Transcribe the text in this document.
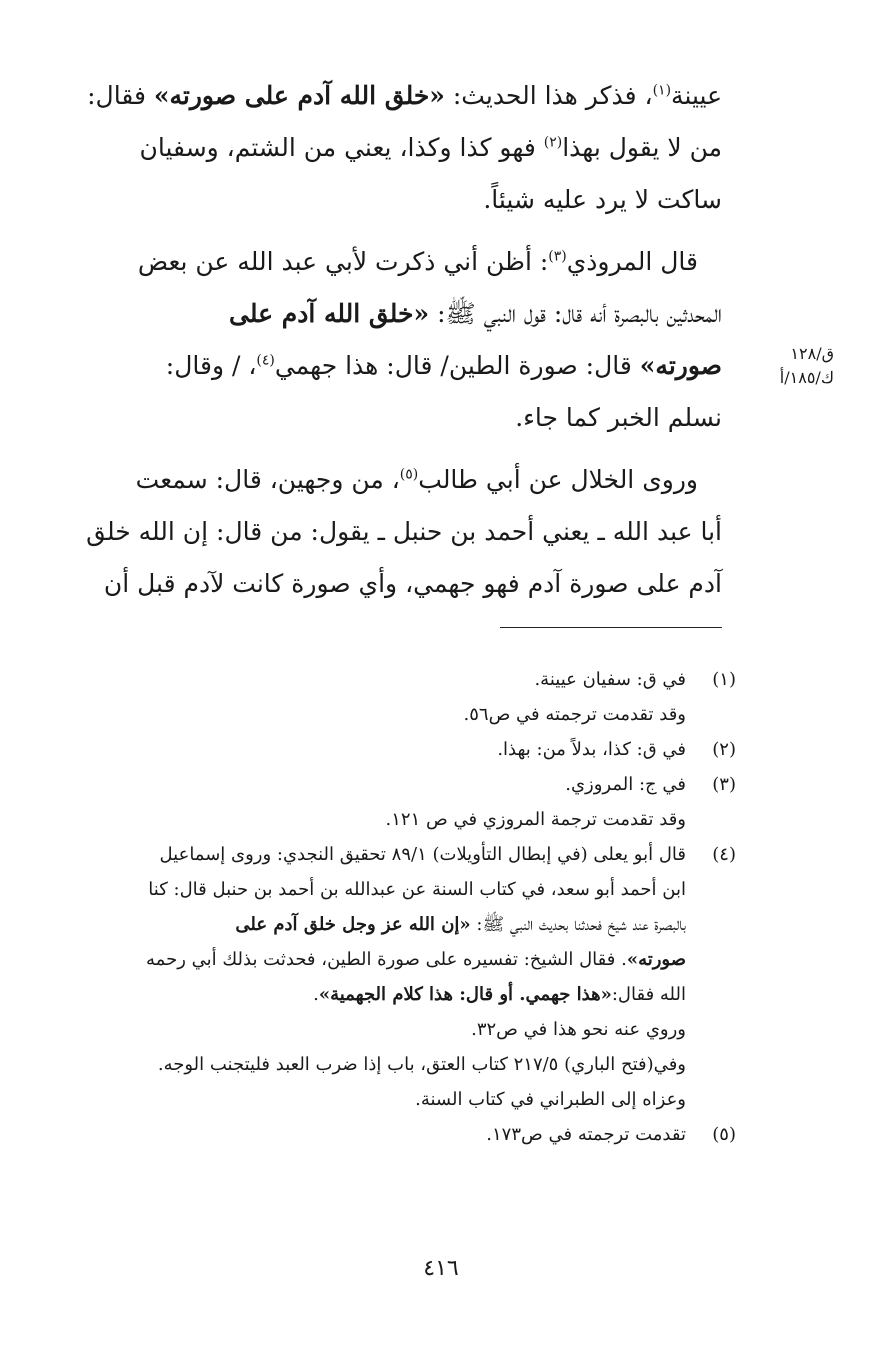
عيينة$^{(١)}$، فذكر هذا الحديث: «خلق الله آدم على صورته» فقال:
من لا يقول بهذا$^{(٢)}$ فهو كذا وكذا، يعني من الشتم، وسفيان
ساكت لا يرد عليه شيئاً.

قال المروذي$^{(٣)}$: أظن أني ذكرت لأبي عبد الله عن بعض
المحدثين بالبصرة أنه قال: قول النبي ﷺ: «خلق الله آدم على
صورته» قال: صورة الطين/ قال: هذا جهمي$^{(٤)}$، / وقال:
نسلم الخبر كما جاء.

وروى الخلال عن أبي طالب$^{(٥)}$، من وجهين، قال: سمعت
أبا عبد الله ـ يعني أحمد بن حنبل ـ يقول: من قال: إن الله خلق
آدم على صورة آدم فهو جهمي، وأي صورة كانت لآدم قبل أن

ق/١٢٨
ك/١٨٥/أ
(١)
في ق: سفيان عيينة.
وقد تقدمت ترجمته في ص٥٦.
(٢)
في ق: كذا، بدلاً من: بهذا.
(٣)
في ج: المروزي.
وقد تقدمت ترجمة المروزي في ص ١٢١.
(٤)
قال أبو يعلى (في إبطال التأويلات) ٨٩/١ تحقيق النجدي: وروى إسماعيل
ابن أحمد أبو سعد، في كتاب السنة عن عبدالله بن أحمد بن حنبل قال: كنا
بالبصرة عند شيخ فحدثنا بحديث النبي ﷺ: «إن الله عز وجل خلق آدم على
صورته». فقال الشيخ: تفسيره على صورة الطين، فحدثت بذلك أبي رحمه
الله فقال:«هذا جهمي. أو قال: هذا كلام الجهمية».
وروي عنه نحو هذا في ص٣٢.
وفي(فتح الباري) ٢١٧/٥ كتاب العتق، باب إذا ضرب العبد فليتجنب الوجه.
وعزاه إلى الطبراني في كتاب السنة.
(٥)
تقدمت ترجمته في ص١٧٣.
٤١٦
